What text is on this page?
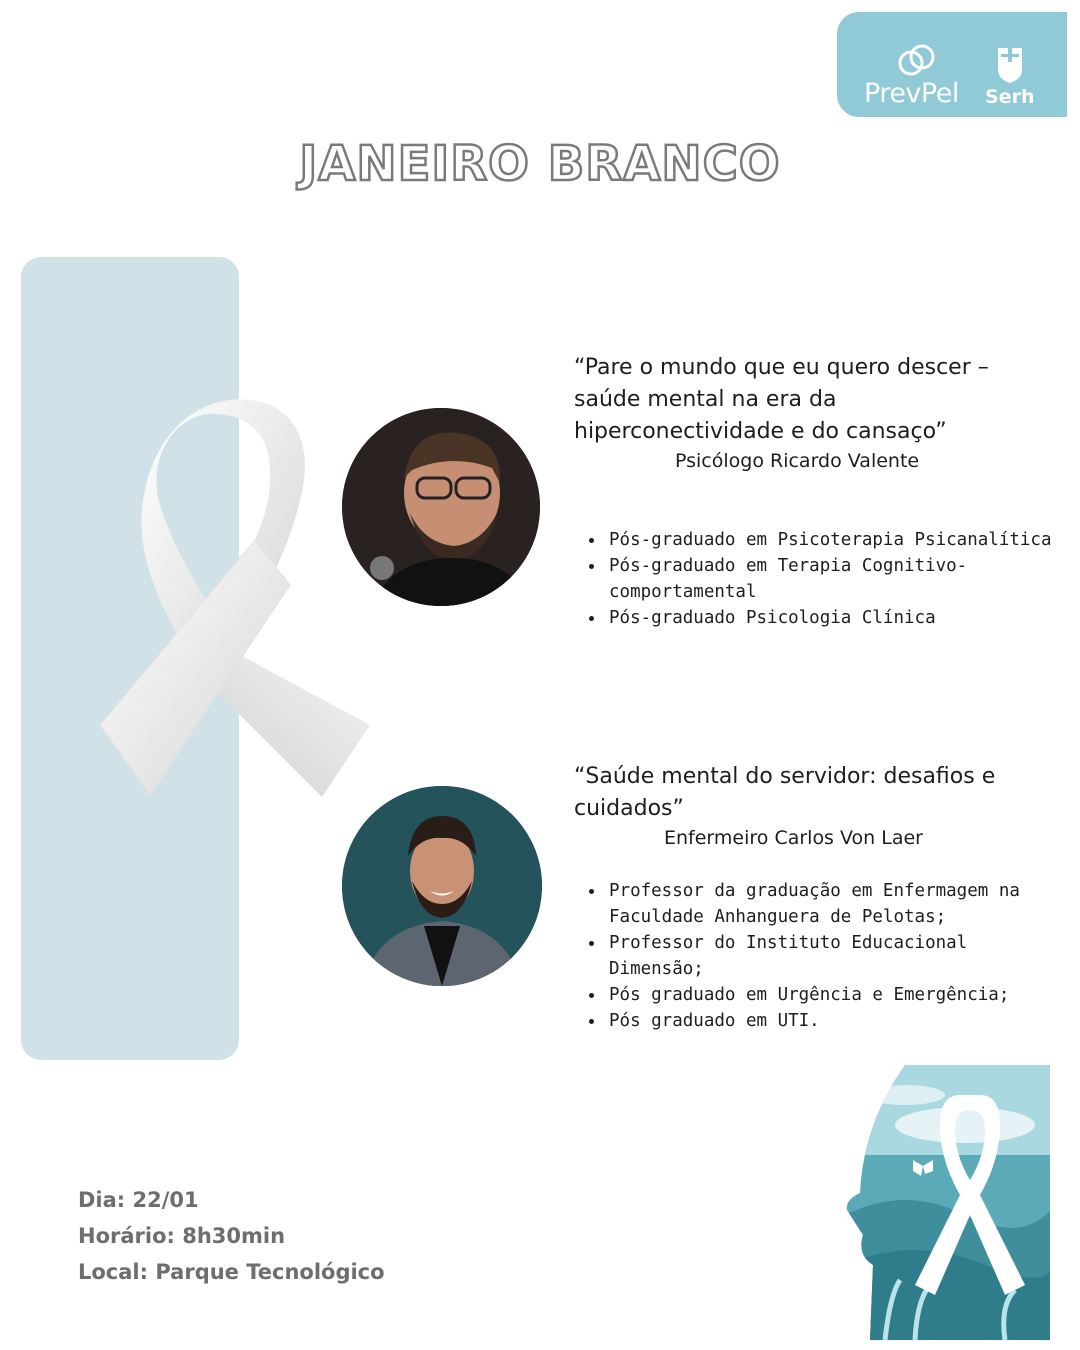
PrevPel Serh
JANEIRO BRANCO
“Pare o mundo que eu quero descer – saúde mental na era da hiperconectividade e do cansaço”
Psicólogo Ricardo Valente
Pós-graduado em Psicoterapia Psicanalítica
Pós-graduado em Terapia Cognitivo-comportamental
Pós-graduado Psicologia Clínica
“Saúde mental do servidor: desafios e cuidados”
Enfermeiro Carlos Von Laer
Professor da graduação em Enfermagem na Faculdade Anhanguera de Pelotas;
Professor do Instituto Educacional Dimensão;
Pós graduado em Urgência e Emergência;
Pós graduado em UTI.
Dia: 22/01
Horário: 8h30min
Local: Parque Tecnológico
